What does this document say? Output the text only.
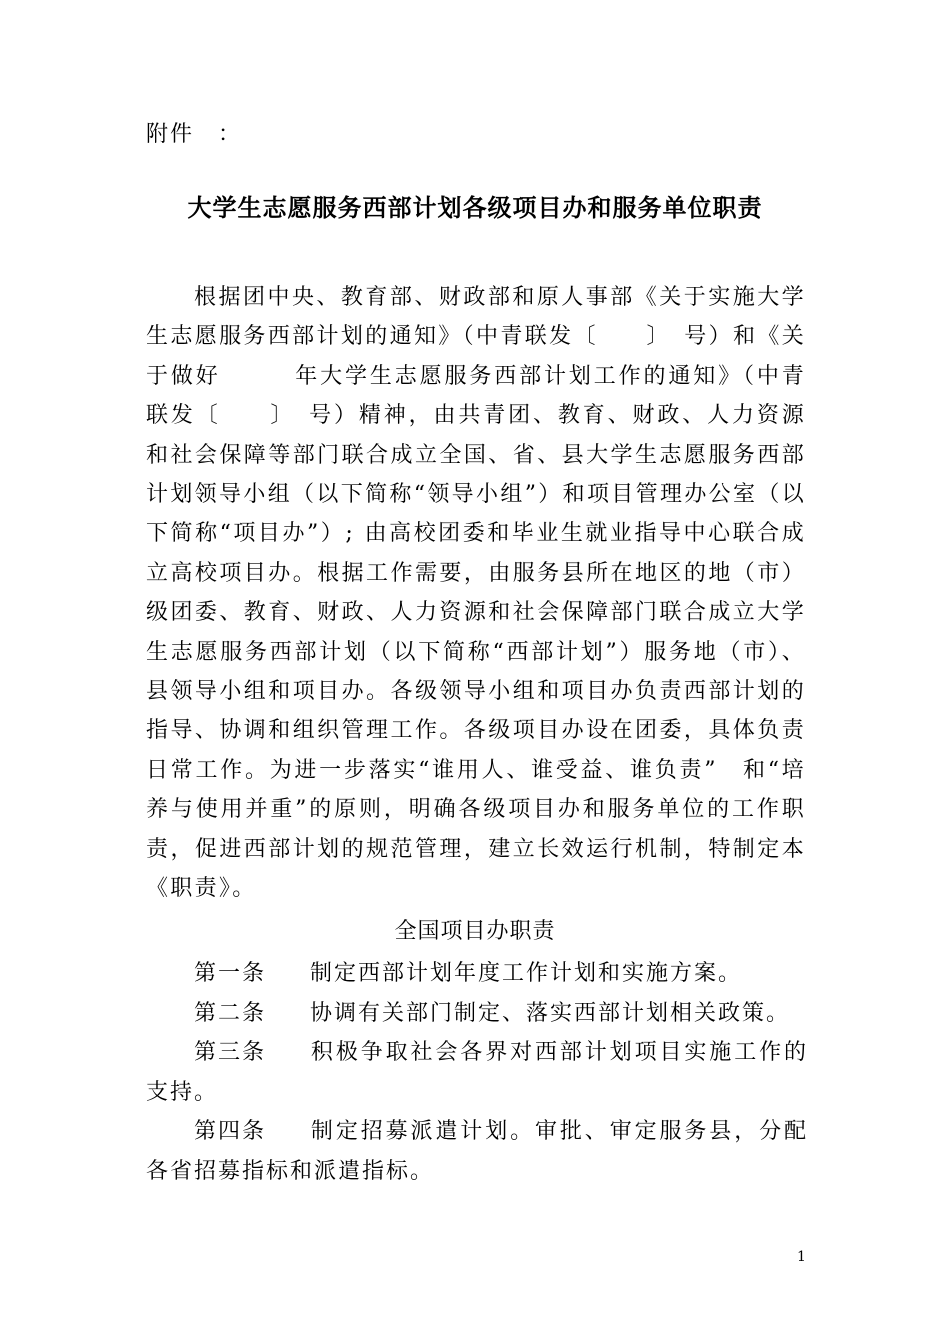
附件　：
大学生志愿服务西部计划各级项目办和服务单位职责

根据团中央、教育部、财政部和原人事部《关于实施大学生志愿服务西部计划的通知》（中青联发〔　　〕　号）和《关于做好　　　年大学生志愿服务西部计划工作的通知》（中青联发〔　　〕　号）精神，由共青团、教育、财政、人力资源和社会保障等部门联合成立全国、省、县大学生志愿服务西部计划领导小组（以下简称“领导小组”）和项目管理办公室（以下简称“项目办”）; 由高校团委和毕业生就业指导中心联合成立高校项目办。根据工作需要，由服务县所在地区的地（市）级团委、教育、财政、人力资源和社会保障部门联合成立大学生志愿服务西部计划（以下简称“西部计划”）服务地（市）、县领导小组和项目办。各级领导小组和项目办负责西部计划的指导、协调和组织管理工作。各级项目办设在团委，具体负责日常工作。为进一步落实“谁用人、谁受益、谁负责”　和“培养与使用并重”的原则，明确各级项目办和服务单位的工作职责，促进西部计划的规范管理，建立长效运行机制，特制定本《职责》。

全国项目办职责

第一条 制定西部计划年度工作计划和实施方案。

第二条 协调有关部门制定、落实西部计划相关政策。

第三条 积极争取社会各界对西部计划项目实施工作的支持。

第四条 制定招募派遣计划。审批、审定服务县，分配各省招募指标和派遣指标。

1
